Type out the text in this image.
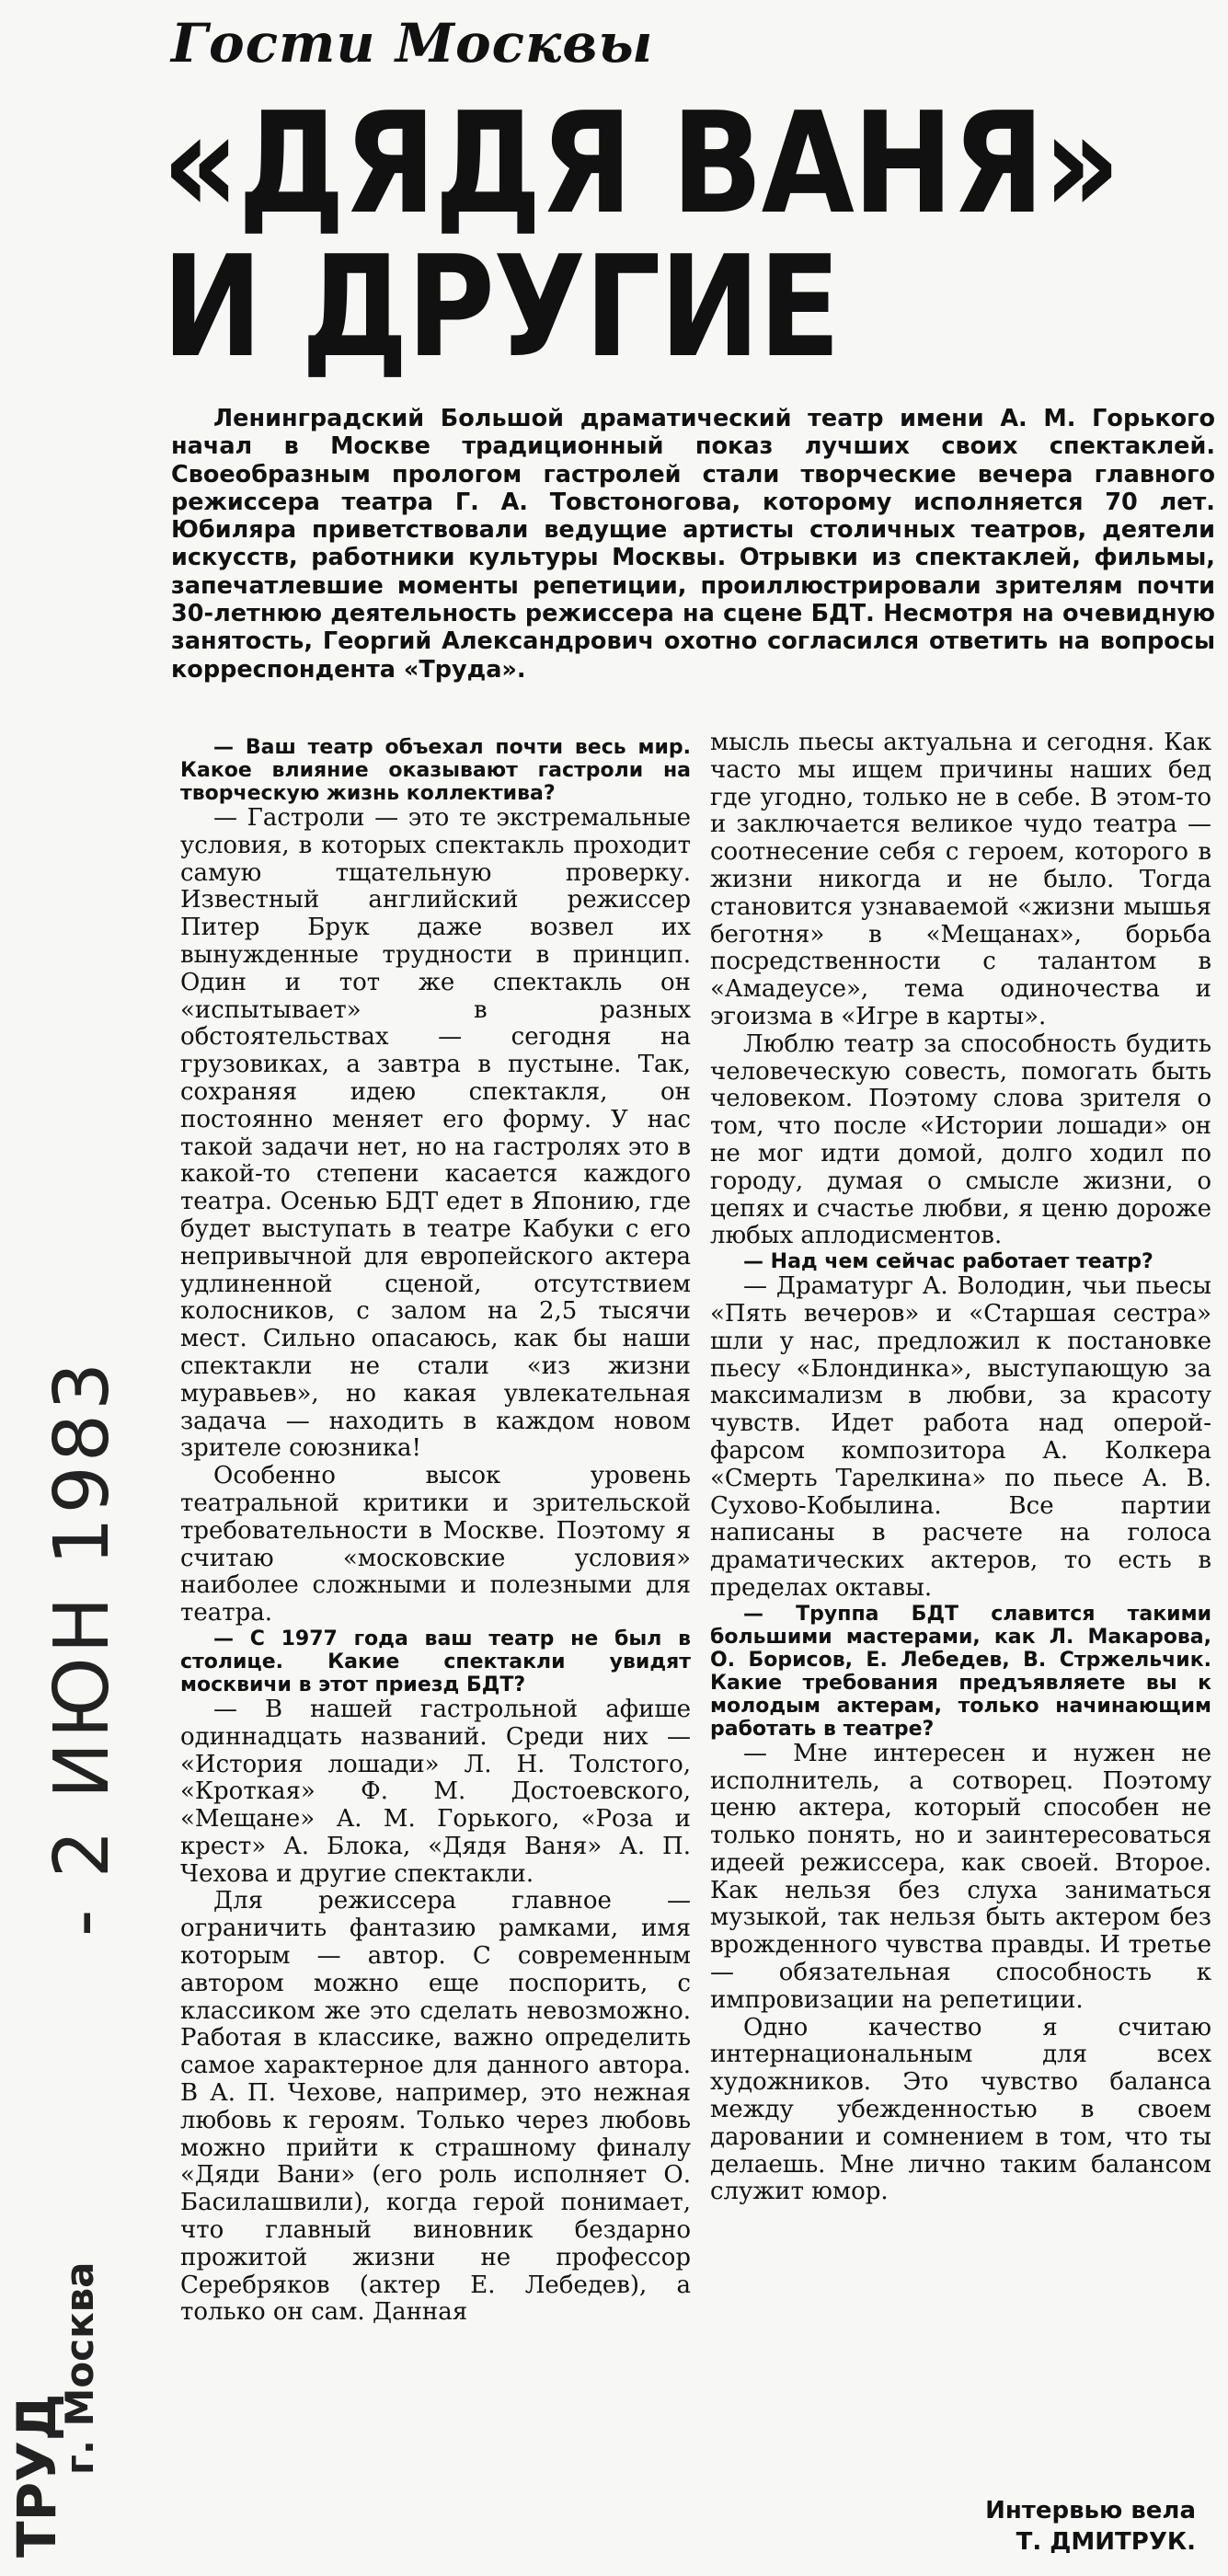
Гости Москвы
«ДЯДЯ ВАНЯ»
И ДРУГИЕ

Ленинградский Большой драматический театр имени А. М. Горького начал в Москве традиционный показ лучших своих спектаклей. Своеобразным прологом гастролей стали творческие вечера главного режиссера театра Г. А. Товстоногова, которому исполняется 70 лет. Юбиляра приветствовали ведущие артисты столичных театров, деятели искусств, работники культуры Москвы. Отрывки из спектаклей, фильмы, запечатлевшие моменты репетиции, проиллюстрировали зрителям почти 30-летнюю деятельность режиссера на сцене БДТ. Несмотря на очевидную занятость, Георгий Александрович охотно согласился ответить на вопросы корреспондента «Труда».

— Ваш театр объехал почти весь мир. Какое влияние оказывают гастроли на творческую жизнь коллектива?

— Гастроли — это те экстремальные условия, в которых спектакль проходит самую тщательную проверку. Известный английский режиссер Питер Брук даже возвел их вынужденные трудности в принцип. Один и тот же спектакль он «испытывает» в разных обстоятельствах — сегодня на грузовиках, а завтра в пустыне. Так, сохраняя идею спектакля, он постоянно меняет его форму. У нас такой задачи нет, но на гастролях это в какой-то степени касается каждого театра. Осенью БДТ едет в Японию, где будет выступать в театре Кабуки с его непривычной для европейского актера удлиненной сценой, отсутствием колосников, с залом на 2,5 тысячи мест. Сильно опасаюсь, как бы наши спектакли не стали «из жизни муравьев», но какая увлекательная задача — находить в каждом новом зрителе союзника!

Особенно высок уровень театральной критики и зрительской требовательности в Москве. Поэтому я считаю «московские условия» наиболее сложными и полезными для театра.

— С 1977 года ваш театр не был в столице. Какие спектакли увидят москвичи в этот приезд БДТ?

— В нашей гастрольной афише одиннадцать названий. Среди них — «История лошади» Л. Н. Толстого, «Кроткая» Ф. М. Достоевского, «Мещане» А. М. Горького, «Роза и крест» А. Блока, «Дядя Ваня» А. П. Чехова и другие спектакли.

Для режиссера главное — ограничить фантазию рамками, имя которым — автор. С современным автором можно еще поспорить, с классиком же это сделать невозможно. Работая в классике, важно определить самое характерное для данного автора. В А. П. Чехове, например, это нежная любовь к героям. Только через любовь можно прийти к страшному финалу «Дяди Вани» (его роль исполняет О. Басилашвили), когда герой понимает, что главный виновник бездарно прожитой жизни не профессор Серебряков (актер Е. Лебедев), а только он сам. Данная

мысль пьесы актуальна и сегодня. Как часто мы ищем причины наших бед где угодно, только не в себе. В этом-то и заключается великое чудо театра — соотнесение себя с героем, которого в жизни никогда и не было. Тогда становится узнаваемой «жизни мышья беготня» в «Мещанах», борьба посредственности с талантом в «Амадеусе», тема одиночества и эгоизма в «Игре в карты».

Люблю театр за способность будить человеческую совесть, помогать быть человеком. Поэтому слова зрителя о том, что после «Истории лошади» он не мог идти домой, долго ходил по городу, думая о смысле жизни, о цепях и счастье любви, я ценю дороже любых аплодисментов.

— Над чем сейчас работает театр?

— Драматург А. Володин, чьи пьесы «Пять вечеров» и «Старшая сестра» шли у нас, предложил к постановке пьесу «Блондинка», выступающую за максимализм в любви, за красоту чувств. Идет работа над оперой-фарсом композитора А. Колкера «Смерть Тарелкина» по пьесе А. В. Сухово-Кобылина. Все партии написаны в расчете на голоса драматических актеров, то есть в пределах октавы.

— Труппа БДТ славится такими большими мастерами, как Л. Макарова, О. Борисов, Е. Лебедев, В. Стржельчик. Какие требования предъявляете вы к молодым актерам, только начинающим работать в театре?

— Мне интересен и нужен не исполнитель, а сотворец. Поэтому ценю актера, который способен не только понять, но и заинтересоваться идеей режиссера, как своей. Второе. Как нельзя без слуха заниматься музыкой, так нельзя быть актером без врожденного чувства правды. И третье — обязательная способность к импровизации на репетиции.

Одно качество я считаю интернациональным для всех художников. Это чувство баланса между убежденностью в своем даровании и сомнением в том, что ты делаешь. Мне лично таким балансом служит юмор.

Интервью вела
Т. ДМИТРУК.
- 2 ИЮН 1983
ТРУД
г. Москва
